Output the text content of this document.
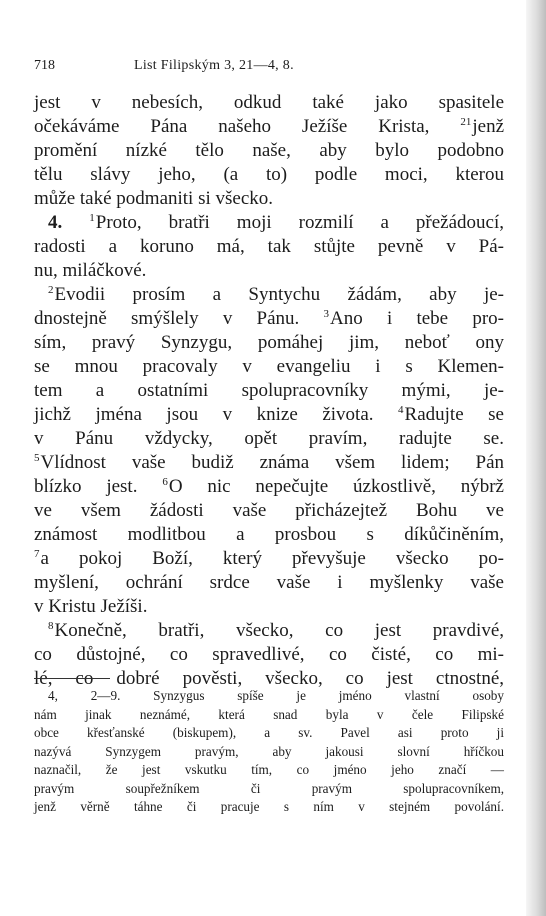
718	List Filipským 3, 21—4, 8.
jest v nebesích, odkud také jako spasitele
očekáváme Pána našeho Ježíše Krista,	$^{21}$jenž
promění nízké tělo naše, aby bylo podobno
tělu slávy jeho, (a to) podle moci, kterou
může také podmaniti si všecko.
4. $^1$Proto, bratři moji rozmilí a přežádoucí,
radosti a koruno má, tak stůjte pevně v Pá-
nu, miláčkové.
$^2$Evodii prosím a Syntychu žádám, aby je-
dnostejně smýšlely v Pánu. $^3$Ano i tebe pro-
sím, pravý Synzygu, pomáhej jim, neboť ony
se mnou pracovaly v evangeliu i s Klemen-
tem a ostatními spolupracovníky mými, je-
jichž jména jsou v knize života. $^4$Radujte se
v Pánu vždycky, opět pravím, radujte se.
$^5$Vlídnost vaše budiž známa všem lidem; Pán
blízko jest. $^6$O nic nepečujte úzkostlivě, nýbrž
ve všem žádosti vaše přicházejtež Bohu ve
známost modlitbou a prosbou s díkůčiněním,
$^7$a pokoj Boží, který převyšuje všecko po-
myšlení, ochrání srdce vaše i myšlenky vaše
v Kristu Ježíši.
$^8$Konečně, bratři, všecko, co jest pravdivé,
co důstojné, co spravedlivé, co čisté, co mi-
lé, co dobré pověsti, všecko, co jest ctnostné,
4, 2—9. Synzygus spíše je jméno vlastní osoby
nám jinak neznámé, která snad byla v čele Filipské
obce křesťanské (biskupem), a sv. Pavel asi proto ji
nazývá Synzygem pravým, aby jakousi slovní hříčkou
naznačil, že jest vskutku tím, co jméno jeho značí —
pravým soupřežníkem či pravým spolupracovníkem,
jenž věrně táhne či pracuje s ním v stejném povolání.
